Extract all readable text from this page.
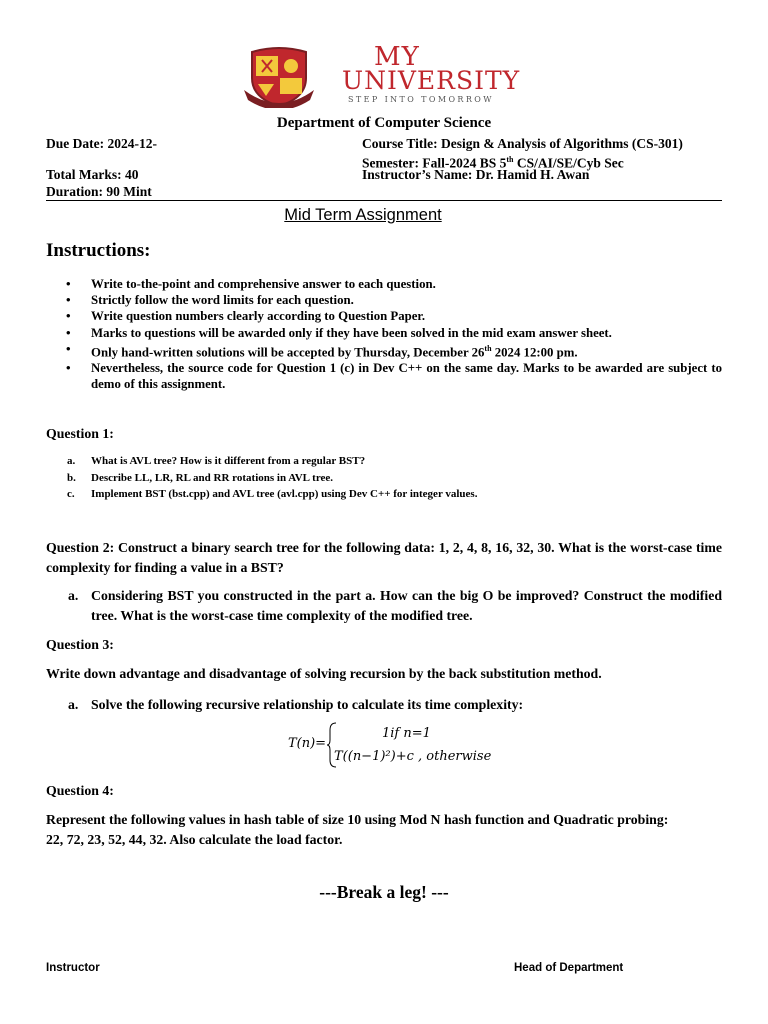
MY
UNIVERSITY
STEP INTO TOMORROW
Department of Computer Science
Due Date: 2024-12-
Total Marks: 40
Duration: 90 Mint
Course Title: Design & Analysis of Algorithms (CS-301)
Semester: Fall-2024 BS 5th CS/AI/SE/Cyb Sec
Instructor’s Name: Dr. Hamid H. Awan
Mid Term Assignment
Instructions:
• Write to-the-point and comprehensive answer to each question.
• Strictly follow the word limits for each question.
• Write question numbers clearly according to Question Paper.
• Marks to questions will be awarded only if they have been solved in the mid exam answer sheet.
• Only hand-written solutions will be accepted by Thursday, December 26th 2024 12:00 pm.
• Nevertheless, the source code for Question 1 (c) in Dev C++ on the same day. Marks to be awarded are subject to demo of this assignment.
Question 1:
a. What is AVL tree? How is it different from a regular BST?
b. Describe LL, LR, RL and RR rotations in AVL tree.
c. Implement BST (bst.cpp) and AVL tree (avl.cpp) using Dev C++ for integer values.
Question 2: Construct a binary search tree for the following data: 1, 2, 4, 8, 16, 32, 30. What is the worst-case time complexity for finding a value in a BST?
a. Considering BST you constructed in the part a. How can the big O be improved? Construct the modified tree. What is the worst-case time complexity of the modified tree.
Question 3:
Write down advantage and disadvantage of solving recursion by the back substitution method.
a. Solve the following recursive relationship to calculate its time complexity:
T(n)=
1if n=1
T((n−1)²)+c , otherwise
Question 4:
Represent the following values in hash table of size 10 using Mod N hash function and Quadratic probing: 22, 72, 23, 52, 44, 32. Also calculate the load factor.
---Break a leg! ---
Instructor	Head of Department
